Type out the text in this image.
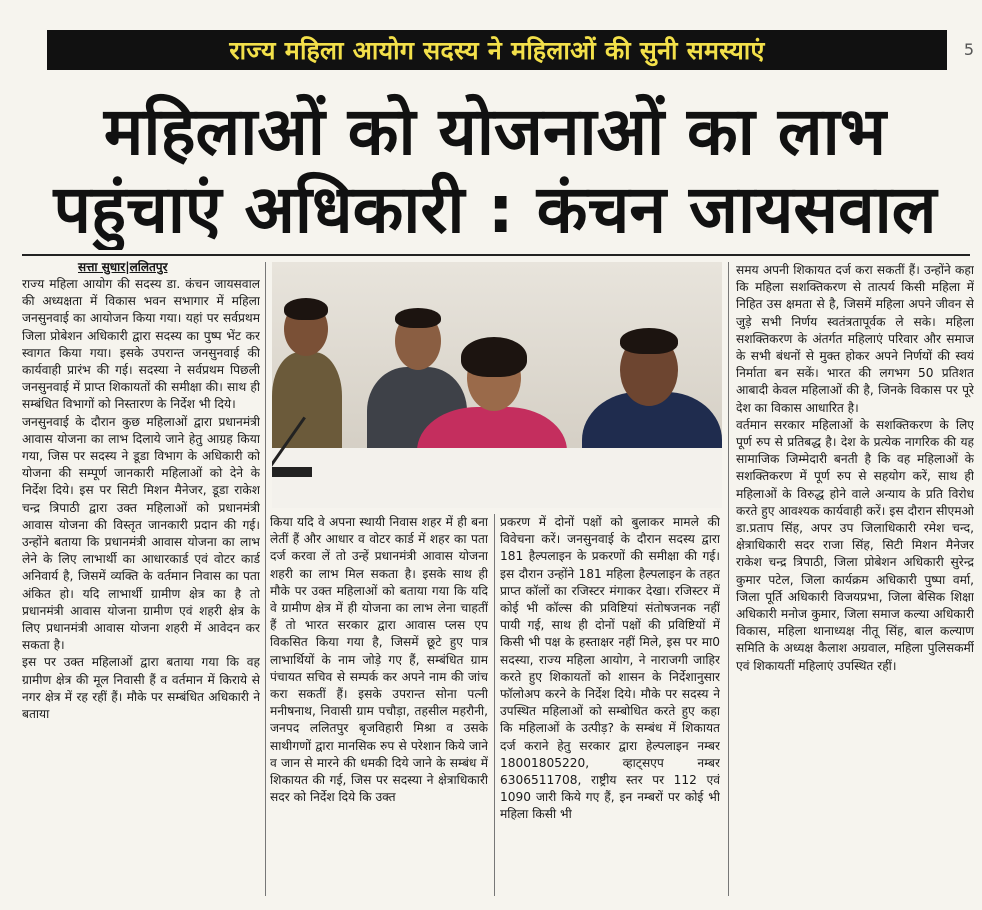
राज्य महिला आयोग सदस्य ने महिलाओं की सुनी समस्याएं	5
महिलाओं को योजनाओं का लाभ
पहुंचाएं अधिकारी : कंचन जायसवाल
सत्ता सुधार|ललितपुर

राज्य महिला आयोग की सदस्य डा. कंचन जायसवाल की अध्यक्षता में विकास भवन सभागार में महिला जनसुनवाई का आयोजन किया गया। यहां पर सर्वप्रथम जिला प्रोबेशन अधिकारी द्वारा सदस्य का पुष्प भेंट कर स्वागत किया गया। इसके उपरान्त जनसुनवाई की कार्यवाही प्रारंभ की गई। सदस्या ने सर्वप्रथम पिछली जनसुनवाई में प्राप्त शिकायतों की समीक्षा की। साथ ही सम्बंधित विभागों को निस्तारण के निर्देश भी दिये।

जनसुनवाई के दौरान कुछ महिलाओं द्वारा प्रधानमंत्री आवास योजना का लाभ दिलाये जाने हेतु आग्रह किया गया, जिस पर सदस्य ने डूडा विभाग के अधिकारी को योजना की सम्पूर्ण जानकारी महिलाओं को देने के निर्देश दिये। इस पर सिटी मिशन मैनेजर, डूडा राकेश चन्द्र त्रिपाठी द्वारा उक्त महिलाओं को प्रधानमंत्री आवास योजना की विस्तृत जानकारी प्रदान की गई। उन्होंने बताया कि प्रधानमंत्री आवास योजना का लाभ लेने के लिए लाभार्थी का आधारकार्ड एवं वोटर कार्ड अनिवार्य है, जिसमें व्यक्ति के वर्तमान निवास का पता अंकित हो। यदि लाभार्थी ग्रामीण क्षेत्र का है तो प्रधानमंत्री आवास योजना ग्रामीण एवं शहरी क्षेत्र के लिए प्रधानमंत्री आवास योजना शहरी में आवेदन कर सकता है।

इस पर उक्त महिलाओं द्वारा बताया गया कि वह ग्रामीण क्षेत्र की मूल निवासी हैं व वर्तमान में किराये से नगर क्षेत्र में रह रहीं हैं। मौके पर सम्बंधित अधिकारी ने बताया

किया यदि वे अपना स्थायी निवास शहर में ही बना लेतीं हैं और आधार व वोटर कार्ड में शहर का पता दर्ज करवा लें तो उन्हें प्रधानमंत्री आवास योजना शहरी का लाभ मिल सकता है। इसके साथ ही मौके पर उक्त महिलाओं को बताया गया कि यदि वे ग्रामीण क्षेत्र में ही योजना का लाभ लेना चाहतीं हैं तो भारत सरकार द्वारा आवास प्लस एप विकसित किया गया है, जिसमें छूटे हुए पात्र लाभार्थियों के नाम जोड़े गए हैं, सम्बंधित ग्राम पंचायत सचिव से सम्पर्क कर अपने नाम की जांच करा सकतीं हैं। इसके उपरान्त सोना पत्नी मनीषनाथ, निवासी ग्राम पचौड़ा, तहसील महरौनी, जनपद ललितपुर बृजविहारी मिश्रा व उसके साथीगणों द्वारा मानसिक रुप से परेशान किये जाने व जान से मारने की धमकी दिये जाने के सम्बंध में शिकायत की गई, जिस पर सदस्या ने क्षेत्राधिकारी सदर को निर्देश दिये कि उक्त

प्रकरण में दोनों पक्षों को बुलाकर मामले की विवेचना करें। जनसुनवाई के दौरान सदस्य द्वारा 181 हैल्पलाइन के प्रकरणों की समीक्षा की गई। इस दौरान उन्होंने 181 महिला हैल्पलाइन के तहत प्राप्त कॉलों का रजिस्टर मंगाकर देखा। रजिस्टर में कोई भी कॉल्स की प्रविष्टियां संतोषजनक नहीं पायी गई, साथ ही दोनों पक्षों की प्रविष्टियों में किसी भी पक्ष के हस्ताक्षर नहीं मिले, इस पर मा0 सदस्या, राज्य महिला आयोग, ने नाराजगी जाहिर करते हुए शिकायतों को शासन के निर्देशानुसार फॉलोअप करने के निर्देश दिये। मौके पर सदस्य ने उपस्थित महिलाओं को सम्बोधित करते हुए कहा कि महिलाओं के उत्पीड़? के सम्बंध में शिकायत दर्ज कराने हेतु सरकार द्वारा हेल्पलाइन नम्बर 18001805220, व्हाट्सएप नम्बर 6306511708, राष्ट्रीय स्तर पर 112 एवं 1090 जारी किये गए हैं, इन नम्बरों पर कोई भी महिला किसी भी

समय अपनी शिकायत दर्ज करा सकतीं हैं। उन्होंने कहा कि महिला सशक्तिकरण से तात्पर्य किसी महिला में निहित उस क्षमता से है, जिसमें महिला अपने जीवन से जुड़े सभी निर्णय स्वतंत्रतापूर्वक ले सके। महिला सशक्तिकरण के अंतर्गत महिलाएं परिवार और समाज के सभी बंधनों से मुक्त होकर अपने निर्णयों की स्वयं निर्माता बन सकें। भारत की लगभग 50 प्रतिशत आबादी केवल महिलाओं की है, जिनके विकास पर पूरे देश का विकास आधारित है।

वर्तमान सरकार महिलाओं के सशक्तिकरण के लिए पूर्ण रुप से प्रतिबद्ध है। देश के प्रत्येक नागरिक की यह सामाजिक जिम्मेदारी बनती है कि वह महिलाओं के सशक्तिकरण में पूर्ण रुप से सहयोग करें, साथ ही महिलाओं के विरुद्ध होने वाले अन्याय के प्रति विरोध करते हुए आवश्यक कार्यवाही करें। इस दौरान सीएमओ डा.प्रताप सिंह, अपर उप जिलाधिकारी रमेश चन्द, क्षेत्राधिकारी सदर राजा सिंह, सिटी मिशन मैनेजर राकेश चन्द्र त्रिपाठी, जिला प्रोबेशन अधिकारी सुरेन्द्र कुमार पटेल, जिला कार्यक्रम अधिकारी पुष्पा वर्मा, जिला पूर्ति अधिकारी विजयप्रभा, जिला बेसिक शिक्षा अधिकारी मनोज कुमार, जिला समाज कल्या अधिकारी विकास, महिला थानाध्यक्ष नीतू सिंह, बाल कल्याण समिति के अध्यक्ष कैलाश अग्रवाल, महिला पुलिसकर्मी एवं शिकायतीं महिलाएं उपस्थित रहीं।
